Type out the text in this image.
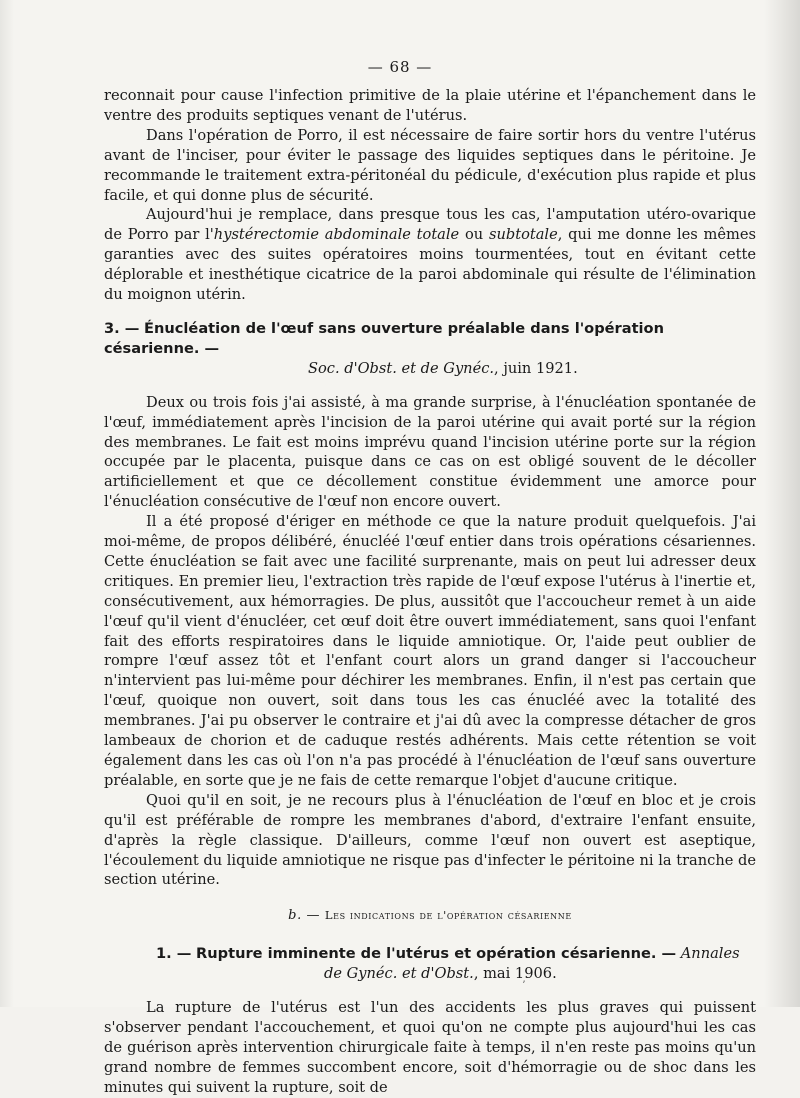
— 68 —

reconnait pour cause l'infection primitive de la plaie utérine et l'épanchement dans le ventre des produits septiques venant de l'utérus.

Dans l'opération de Porro, il est nécessaire de faire sortir hors du ventre l'utérus avant de l'inciser, pour éviter le passage des liquides septiques dans le péritoine. Je recommande le traitement extra-péritonéal du pédicule, d'exécution plus rapide et plus facile, et qui donne plus de sécurité.

Aujourd'hui je remplace, dans presque tous les cas, l'amputation utéro-ovarique de Porro par l'hystérectomie abdominale totale ou subtotale, qui me donne les mêmes garanties avec des suites opératoires moins tourmentées, tout en évitant cette déplorable et inesthétique cicatrice de la paroi abdominale qui résulte de l'élimination du moignon utérin.

3. — Énucléation de l'œuf sans ouverture préalable dans l'opération césarienne. —
Soc. d'Obst. et de Gynéc., juin 1921.

Deux ou trois fois j'ai assisté, à ma grande surprise, à l'énucléation spontanée de l'œuf, immédiatement après l'incision de la paroi utérine qui avait porté sur la région des membranes. Le fait est moins imprévu quand l'incision utérine porte sur la région occupée par le placenta, puisque dans ce cas on est obligé souvent de le décoller artificiellement et que ce décollement constitue évidemment une amorce pour l'énucléation consécutive de l'œuf non encore ouvert.

Il a été proposé d'ériger en méthode ce que la nature produit quelquefois. J'ai moi-même, de propos délibéré, énucléé l'œuf entier dans trois opérations césariennes. Cette énucléation se fait avec une facilité surprenante, mais on peut lui adresser deux critiques. En premier lieu, l'extraction très rapide de l'œuf expose l'utérus à l'inertie et, consécutivement, aux hémorragies. De plus, aussitôt que l'accoucheur remet à un aide l'œuf qu'il vient d'énucléer, cet œuf doit être ouvert immédiatement, sans quoi l'enfant fait des efforts respiratoires dans le liquide amniotique. Or, l'aide peut oublier de rompre l'œuf assez tôt et l'enfant court alors un grand danger si l'accoucheur n'intervient pas lui-même pour déchirer les membranes. Enfin, il n'est pas certain que l'œuf, quoique non ouvert, soit dans tous les cas énucléé avec la totalité des membranes. J'ai pu observer le contraire et j'ai dû avec la compresse détacher de gros lambeaux de chorion et de caduque restés adhérents. Mais cette rétention se voit également dans les cas où l'on n'a pas procédé à l'énucléation de l'œuf sans ouverture préalable, en sorte que je ne fais de cette remarque l'objet d'aucune critique.

Quoi qu'il en soit, je ne recours plus à l'énucléation de l'œuf en bloc et je crois qu'il est préférable de rompre les membranes d'abord, d'extraire l'enfant ensuite, d'après la règle classique. D'ailleurs, comme l'œuf non ouvert est aseptique, l'écoulement du liquide amniotique ne risque pas d'infecter le péritoine ni la tranche de section utérine.

b. — Les indications de l'opération césarienne
1. — Rupture imminente de l'utérus et opération césarienne. — Annales
de Gynéc. et d'Obst., mai 1906.

La rupture de l'utérus est l'un des accidents les plus graves qui puissent s'observer pendant l'accouchement, et quoi qu'on ne compte plus aujourd'hui les cas de guérison après intervention chirurgicale faite à temps, il n'en reste pas moins qu'un grand nombre de femmes succombent encore, soit d'hémorragie ou de shoc dans les minutes qui suivent la rupture, soit de

ʼ
